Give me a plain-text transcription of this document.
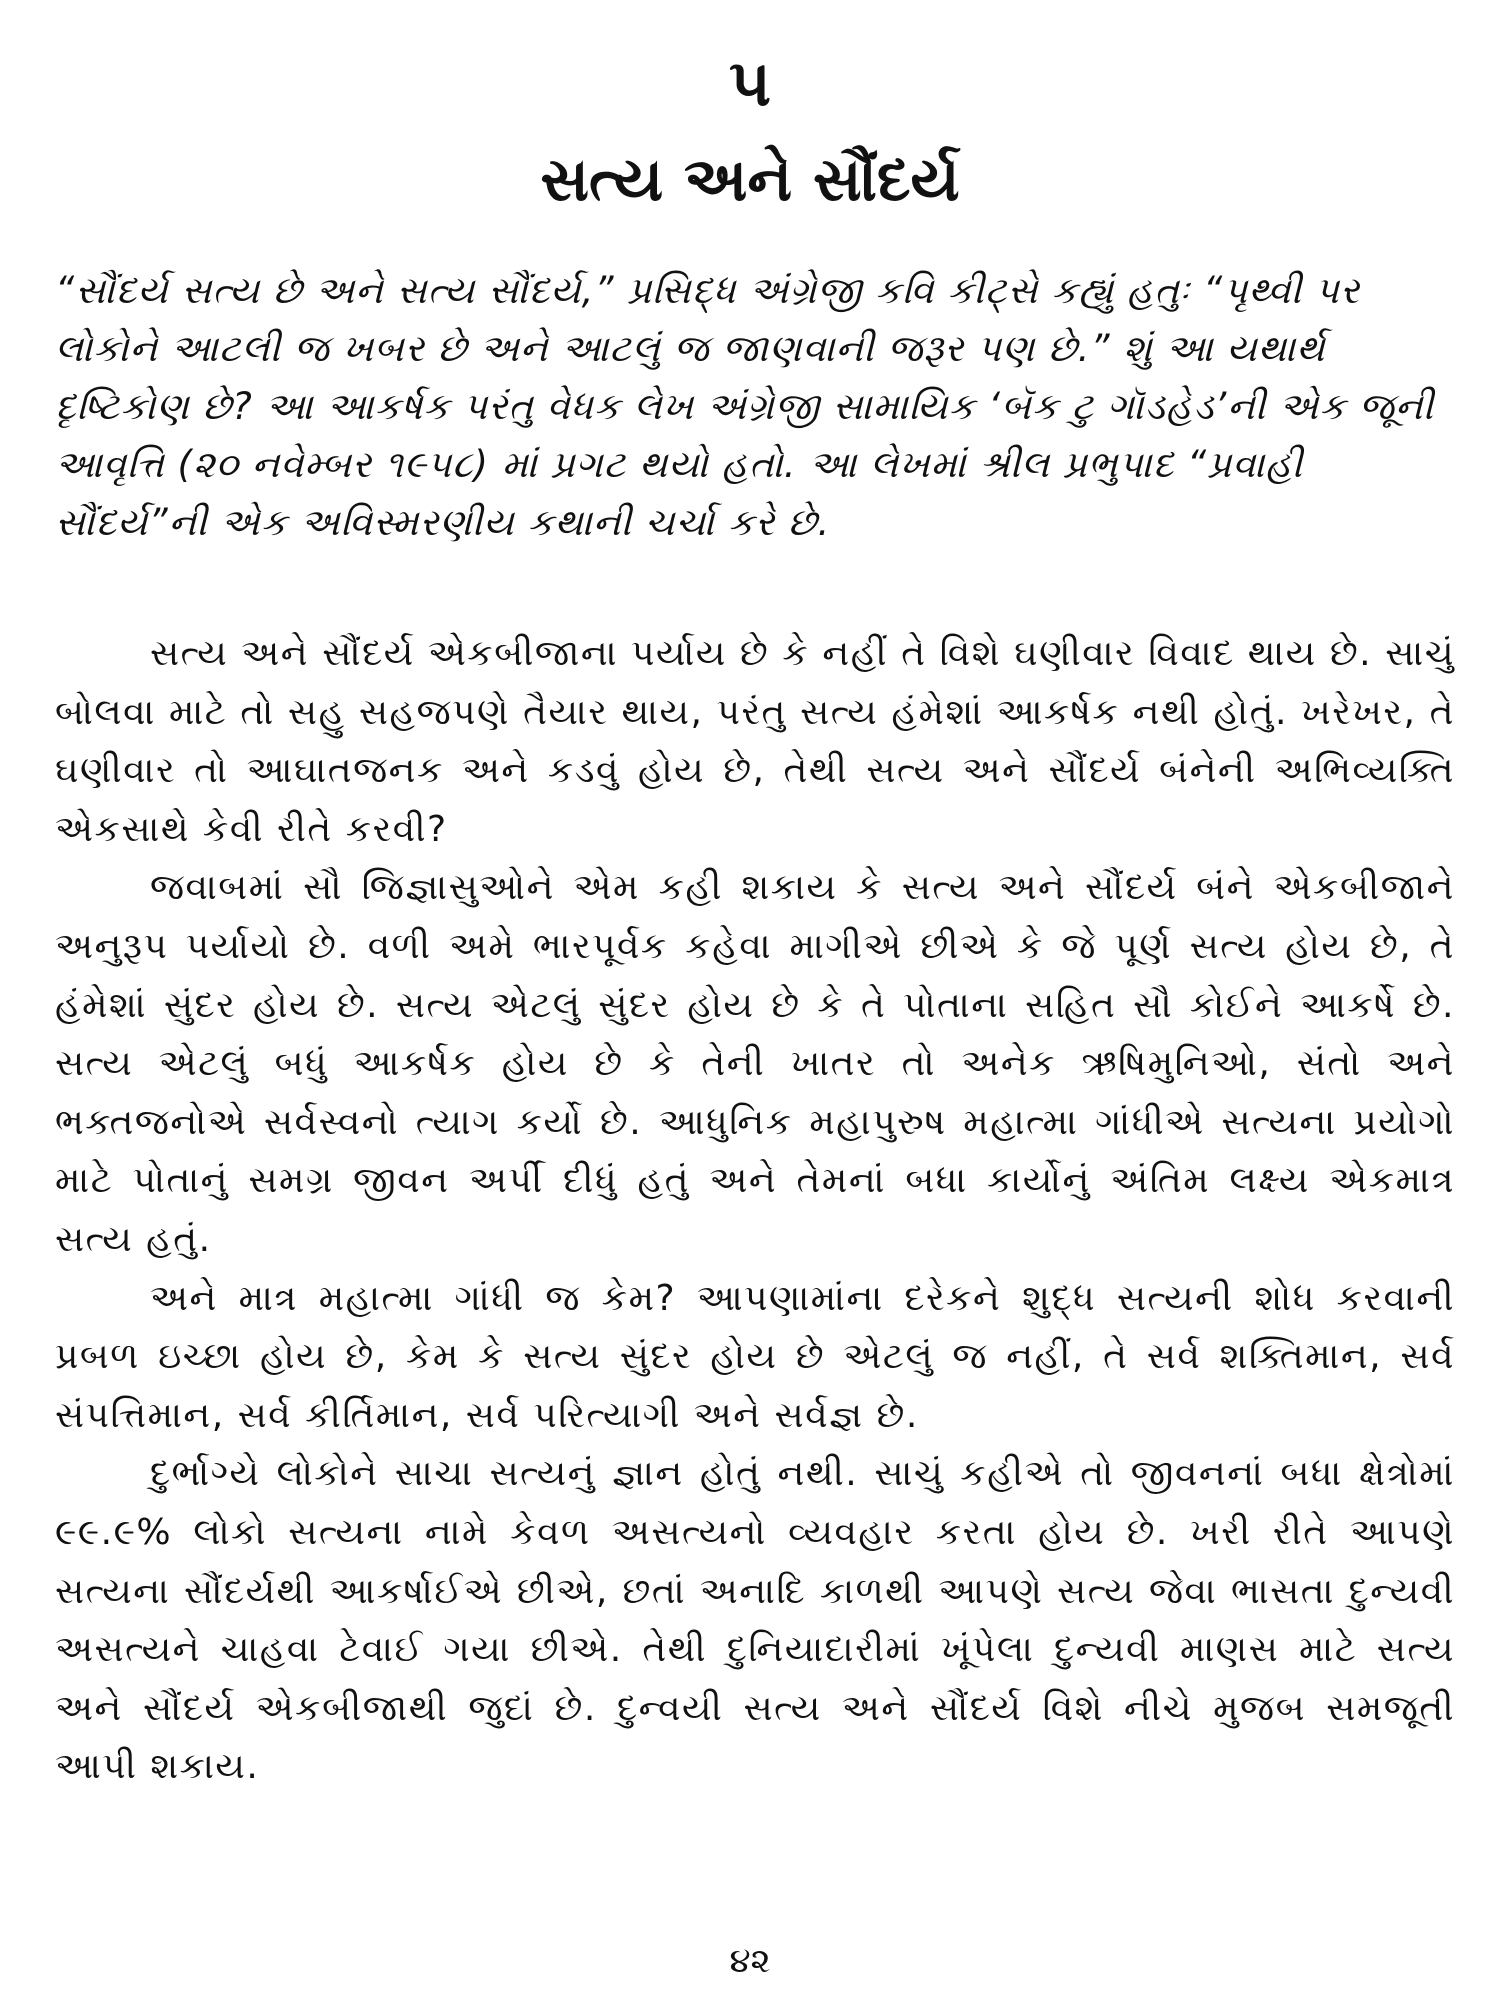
૫
સત્ય અને સૌંદર્ય
“સૌંદર્ય સત્ય છે અને સત્ય સૌંદર્ય,” પ્રસિદ્ધ અંગ્રેજી કવિ કીટ્સે કહ્યું હતુઃ “પૃથ્વી પર લોકોને આટલી જ ખબર છે અને આટલું જ જાણવાની જરૂર પણ છે.” શું આ યથાર્થ દૃષ્ટિકોણ છે? આ આકર્ષક પરંતુ વેધક લેખ અંગ્રેજી સામાયિક ‘બૅક ટુ ગૉડહેડ’ની એક જૂની આવૃત્તિ (૨૦ નવેમ્બર ૧૯૫૮) માં પ્રગટ થયો હતો. આ લેખમાં શ્રીલ પ્રભુપાદ “પ્રવાહી સૌંદર્ય”ની એક અવિસ્મરણીય કથાની ચર્ચા કરે છે.

સત્ય અને સૌંદર્ય એકબીજાના પર્યાય છે કે નહીં તે વિશે ઘણીવાર વિવાદ થાય છે. સાચું બોલવા માટે તો સહુ સહજપણે તૈયાર થાય, પરંતુ સત્ય હંમેશાં આકર્ષક નથી હોતું. ખરેખર, તે ઘણીવાર તો આઘાતજનક અને કડવું હોય છે, તેથી સત્ય અને સૌંદર્ય બંનેની અભિવ્યક્તિ એકસાથે કેવી રીતે કરવી?

જવાબમાં સૌ જિજ્ઞાસુઓને એમ કહી શકાય કે સત્ય અને સૌંદર્ય બંને એકબીજાને અનુરૂપ પર્યાયો છે. વળી અમે ભારપૂર્વક કહેવા માગીએ છીએ કે જે પૂર્ણ સત્ય હોય છે, તે હંમેશાં સુંદર હોય છે. સત્ય એટલું સુંદર હોય છે કે તે પોતાના સહિત સૌ કોઈને આકર્ષે છે. સત્ય એટલું બધું આકર્ષક હોય છે કે તેની ખાતર તો અનેક ઋષિમુનિઓ, સંતો અને ભક્તજનોએ સર્વસ્વનો ત્યાગ કર્યો છે. આધુનિક મહાપુરુષ મહાત્મા ગાંધીએ સત્યના પ્રયોગો માટે પોતાનું સમગ્ર જીવન અર્પી દીધું હતું અને તેમનાં બધા કાર્યોનું અંતિમ લક્ષ્ય એકમાત્ર સત્ય હતું.

અને માત્ર મહાત્મા ગાંધી જ કેમ? આપણામાંના દરેકને શુદ્ધ સત્યની શોધ કરવાની પ્રબળ ઇચ્છા હોય છે, કેમ કે સત્ય સુંદર હોય છે એટલું જ નહીં, તે સર્વ શક્તિમાન, સર્વ સંપત્તિમાન, સર્વ કીર્તિમાન, સર્વ પરિત્યાગી અને સર્વજ્ઞ છે.

દુર્ભાગ્યે લોકોને સાચા સત્યનું જ્ઞાન હોતું નથી. સાચું કહીએ તો જીવનનાં બધા ક્ષેત્રોમાં ૯૯.૯% લોકો સત્યના નામે કેવળ અસત્યનો વ્યવહાર કરતા હોય છે. ખરી રીતે આપણે સત્યના સૌંદર્યથી આકર્ષાઈએ છીએ, છતાં અનાદિ કાળથી આપણે સત્ય જેવા ભાસતા દુન્યવી અસત્યને ચાહવા ટેવાઈ ગયા છીએ. તેથી દુનિયાદારીમાં ખૂંપેલા દુન્યવી માણસ માટે સત્ય અને સૌંદર્ય એકબીજાથી જુદાં છે. દુન્વયી સત્ય અને સૌંદર્ય વિશે નીચે મુજબ સમજૂતી આપી શકાય.

૪૨
